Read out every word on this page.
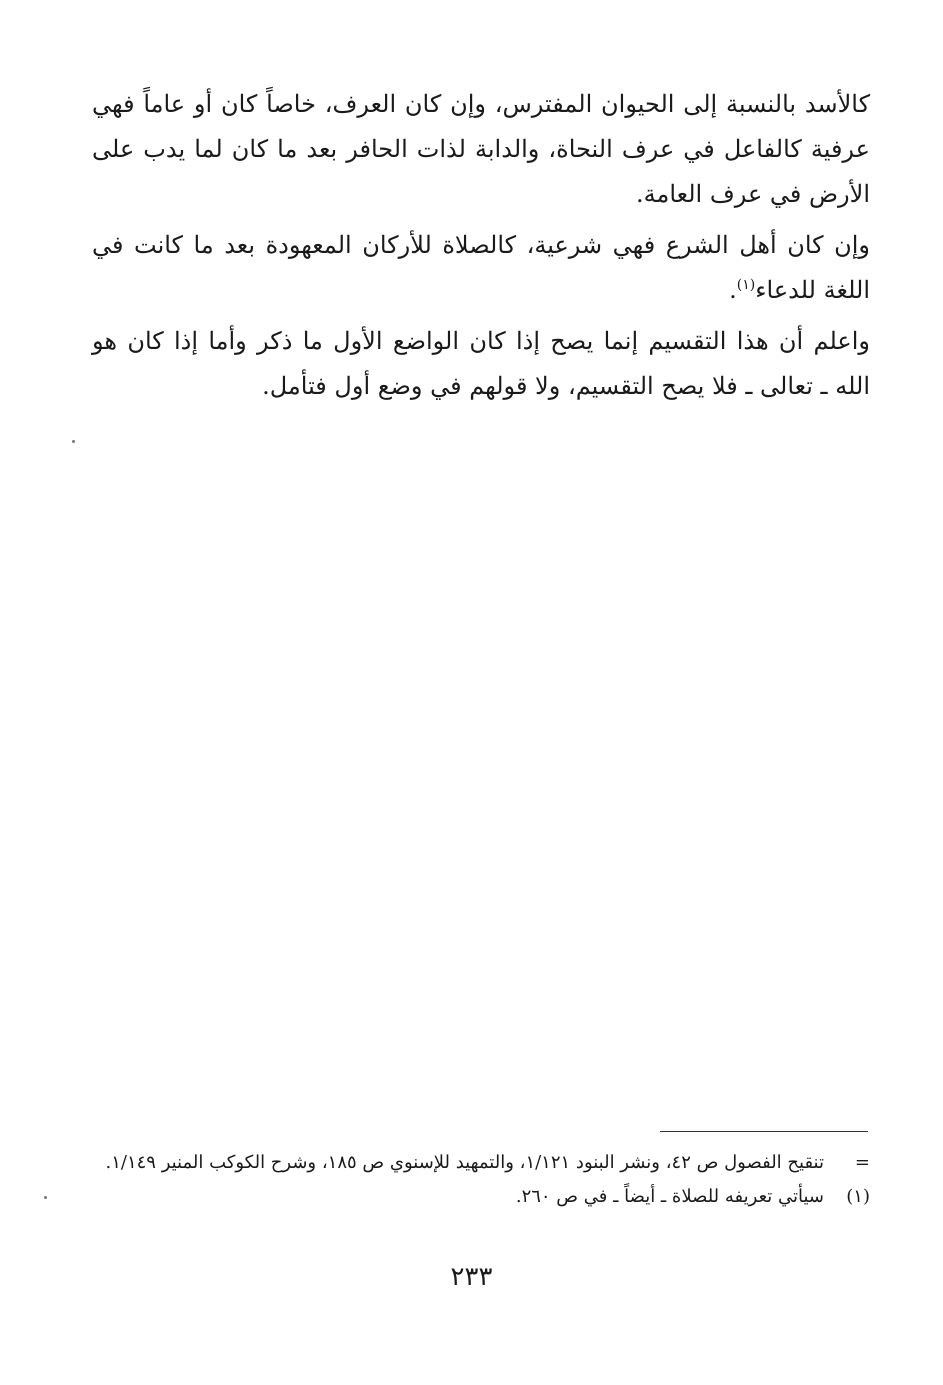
كالأسد بالنسبة إلى الحيوان المفترس، وإن كان العرف، خاصاً كان أو عاماً فهي عرفية كالفاعل في عرف النحاة، والدابة لذات الحافر بعد ما كان لما يدب على الأرض في عرف العامة.

وإن كان أهل الشرع فهي شرعية، كالصلاة للأركان المعهودة بعد ما كانت في اللغة للدعاء$^{(١)}$.

واعلم أن هذا التقسيم إنما يصح إذا كان الواضع الأول ما ذكر وأما إذا كان هو الله ـ تعالى ـ فلا يصح التقسيم، ولا قولهم في وضع أول فتأمل.

=
تنقيح الفصول ص ٤٢، ونشر البنود ١/١٢١، والتمهيد للإسنوي ص ١٨٥، وشرح الكوكب المنير ١/١٤٩.
(١)
سيأتي تعريفه للصلاة ـ أيضاً ـ في ص ٢٦٠.
٢٣٣
